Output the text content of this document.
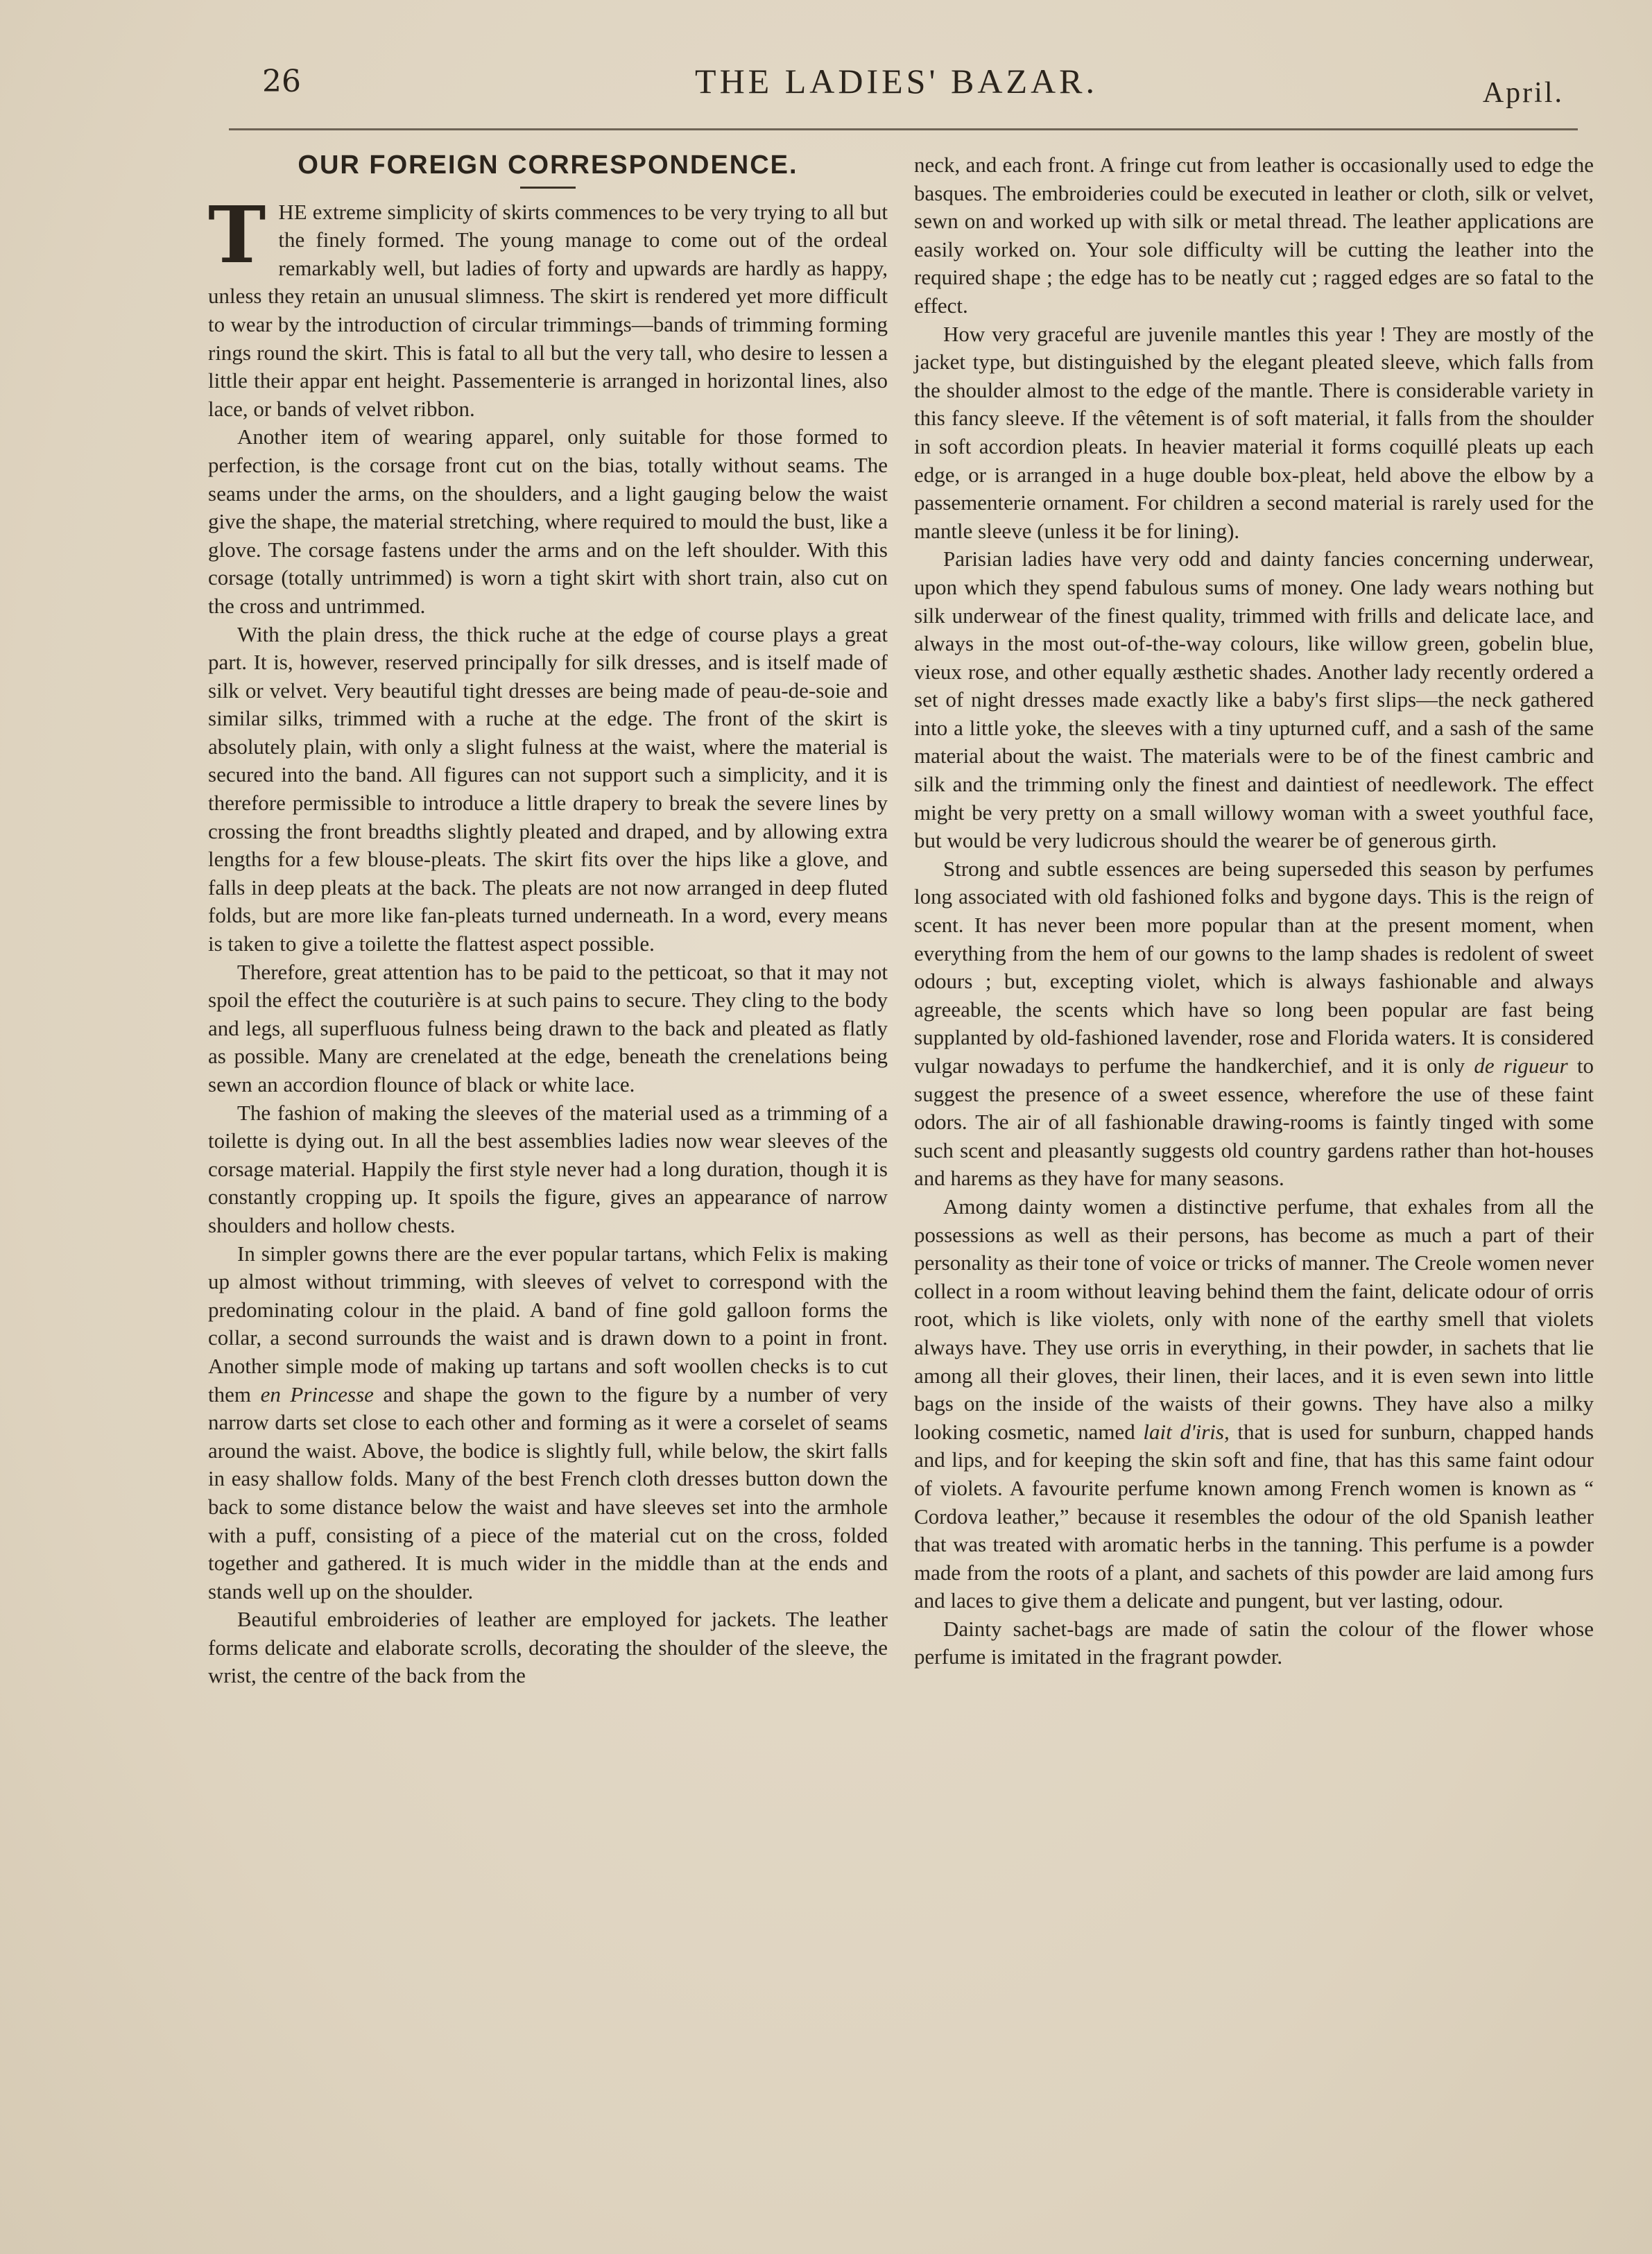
26	THE LADIES' BAZAR.	April.
OUR FOREIGN CORRESPONDENCE.

THE extreme simplicity of skirts commences to be very trying to all but the finely formed. The young manage to come out of the ordeal remarkably well, but ladies of forty and upwards are hardly as happy, unless they retain an unusual slimness. The skirt is rendered yet more difficult to wear by the introduction of circular trimmings—bands of trimming forming rings round the skirt. This is fatal to all but the very tall, who desire to lessen a little their appar ent height. Passementerie is arranged in horizontal lines, also lace, or bands of velvet ribbon.

Another item of wearing apparel, only suitable for those formed to perfection, is the corsage front cut on the bias, totally without seams. The seams under the arms, on the shoulders, and a light gauging below the waist give the shape, the material stretching, where required to mould the bust, like a glove. The corsage fastens under the arms and on the left shoulder. With this corsage (totally untrimmed) is worn a tight skirt with short train, also cut on the cross and untrimmed.

With the plain dress, the thick ruche at the edge of course plays a great part. It is, however, reserved principally for silk dresses, and is itself made of silk or velvet. Very beautiful tight dresses are being made of peau-de-soie and similar silks, trimmed with a ruche at the edge. The front of the skirt is absolutely plain, with only a slight fulness at the waist, where the material is secured into the band. All figures can not support such a simplicity, and it is therefore permissible to introduce a little drapery to break the severe lines by crossing the front breadths slightly pleated and draped, and by allowing extra lengths for a few blouse-pleats. The skirt fits over the hips like a glove, and falls in deep pleats at the back. The pleats are not now arranged in deep fluted folds, but are more like fan-pleats turned underneath. In a word, every means is taken to give a toilette the flattest aspect possible.

Therefore, great attention has to be paid to the petticoat, so that it may not spoil the effect the couturière is at such pains to secure. They cling to the body and legs, all superfluous fulness being drawn to the back and pleated as flatly as possible. Many are crenelated at the edge, beneath the crenelations being sewn an accordion flounce of black or white lace.

The fashion of making the sleeves of the material used as a trimming of a toilette is dying out. In all the best assemblies ladies now wear sleeves of the corsage material. Happily the first style never had a long duration, though it is constantly cropping up. It spoils the figure, gives an appearance of narrow shoulders and hollow chests.

In simpler gowns there are the ever popular tartans, which Felix is making up almost without trimming, with sleeves of velvet to correspond with the predominating colour in the plaid. A band of fine gold galloon forms the collar, a second surrounds the waist and is drawn down to a point in front. Another simple mode of making up tartans and soft woollen checks is to cut them en Princesse and shape the gown to the figure by a number of very narrow darts set close to each other and forming as it were a corselet of seams around the waist. Above, the bodice is slightly full, while below, the skirt falls in easy shallow folds. Many of the best French cloth dresses button down the back to some distance below the waist and have sleeves set into the armhole with a puff, consisting of a piece of the material cut on the cross, folded together and gathered. It is much wider in the middle than at the ends and stands well up on the shoulder.

Beautiful embroideries of leather are employed for jackets. The leather forms delicate and elaborate scrolls, decorating the shoulder of the sleeve, the wrist, the centre of the back from the

neck, and each front. A fringe cut from leather is occasionally used to edge the basques. The embroideries could be executed in leather or cloth, silk or velvet, sewn on and worked up with silk or metal thread. The leather applications are easily worked on. Your sole difficulty will be cutting the leather into the required shape ; the edge has to be neatly cut ; ragged edges are so fatal to the effect.

How very graceful are juvenile mantles this year ! They are mostly of the jacket type, but distinguished by the elegant pleated sleeve, which falls from the shoulder almost to the edge of the mantle. There is considerable variety in this fancy sleeve. If the vêtement is of soft material, it falls from the shoulder in soft accordion pleats. In heavier material it forms coquillé pleats up each edge, or is arranged in a huge double box-pleat, held above the elbow by a passementerie ornament. For children a second material is rarely used for the mantle sleeve (unless it be for lining).

Parisian ladies have very odd and dainty fancies concerning underwear, upon which they spend fabulous sums of money. One lady wears nothing but silk underwear of the finest quality, trimmed with frills and delicate lace, and always in the most out-of-the-way colours, like willow green, gobelin blue, vieux rose, and other equally æsthetic shades. Another lady recently ordered a set of night dresses made exactly like a baby's first slips—the neck gathered into a little yoke, the sleeves with a tiny upturned cuff, and a sash of the same material about the waist. The materials were to be of the finest cambric and silk and the trimming only the finest and daintiest of needlework. The effect might be very pretty on a small willowy woman with a sweet youthful face, but would be very ludicrous should the wearer be of generous girth.

Strong and subtle essences are being superseded this season by perfumes long associated with old fashioned folks and bygone days. This is the reign of scent. It has never been more popular than at the present moment, when everything from the hem of our gowns to the lamp shades is redolent of sweet odours ; but, excepting violet, which is always fashionable and always agreeable, the scents which have so long been popular are fast being supplanted by old-fashioned lavender, rose and Florida waters. It is considered vulgar nowadays to perfume the handkerchief, and it is only de rigueur to suggest the presence of a sweet essence, wherefore the use of these faint odors. The air of all fashionable drawing-rooms is faintly tinged with some such scent and pleasantly suggests old country gardens rather than hot-houses and harems as they have for many seasons.

Among dainty women a distinctive perfume, that exhales from all the possessions as well as their persons, has become as much a part of their personality as their tone of voice or tricks of manner. The Creole women never collect in a room without leaving behind them the faint, delicate odour of orris root, which is like violets, only with none of the earthy smell that violets always have. They use orris in everything, in their powder, in sachets that lie among all their gloves, their linen, their laces, and it is even sewn into little bags on the inside of the waists of their gowns. They have also a milky looking cosmetic, named lait d'iris, that is used for sunburn, chapped hands and lips, and for keeping the skin soft and fine, that has this same faint odour of violets. A favourite perfume known among French women is known as “ Cordova leather,” because it resembles the odour of the old Spanish leather that was treated with aromatic herbs in the tanning. This perfume is a powder made from the roots of a plant, and sachets of this powder are laid among furs and laces to give them a delicate and pungent, but ver lasting, odour.

Dainty sachet-bags are made of satin the colour of the flower whose perfume is imitated in the fragrant powder.
